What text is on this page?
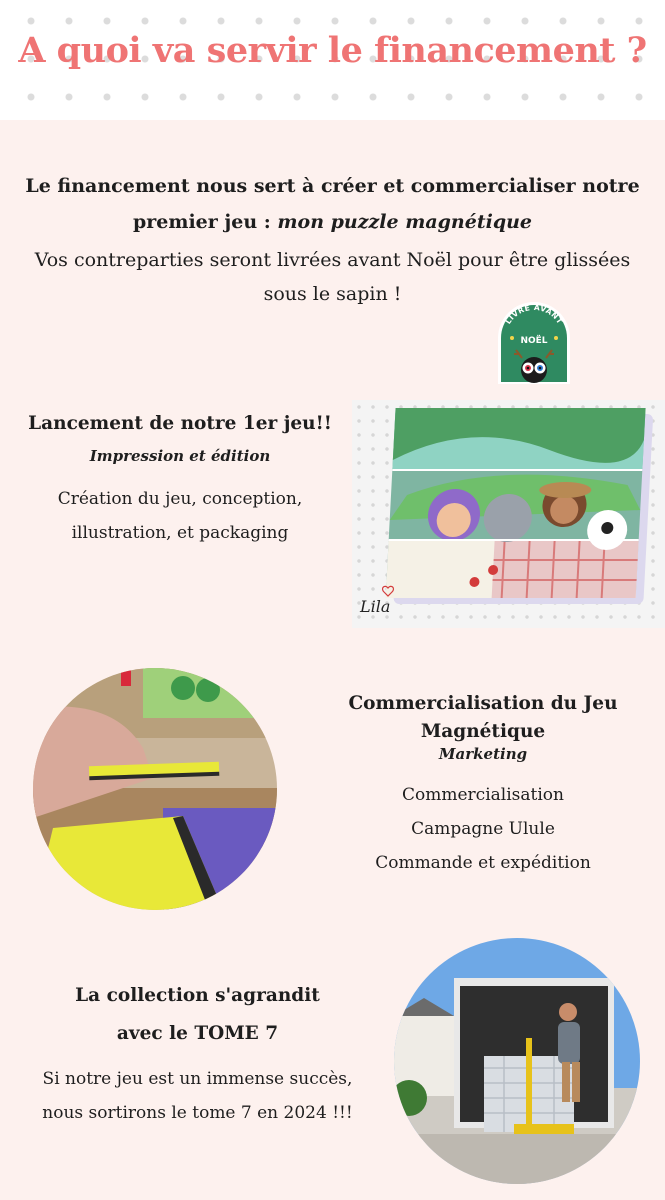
A quoi va servir le financement ?
Le financement nous sert à créer et commercialiser notre
premier jeu : mon puzzle magnétique
Vos contreparties seront livrées avant Noël pour être glissées
sous le sapin !
LIVRÉ AVANT
NOËL
Lancement de notre 1er jeu!!
Impression et édition
Création du jeu, conception,
illustration, et packaging
Lila
Commercialisation du Jeu
Magnétique
Marketing
Commercialisation
Campagne Ulule
Commande et expédition
La collection s'agrandit
avec le TOME 7
Si notre jeu est un immense succès,
nous sortirons le tome 7 en 2024 !!!
